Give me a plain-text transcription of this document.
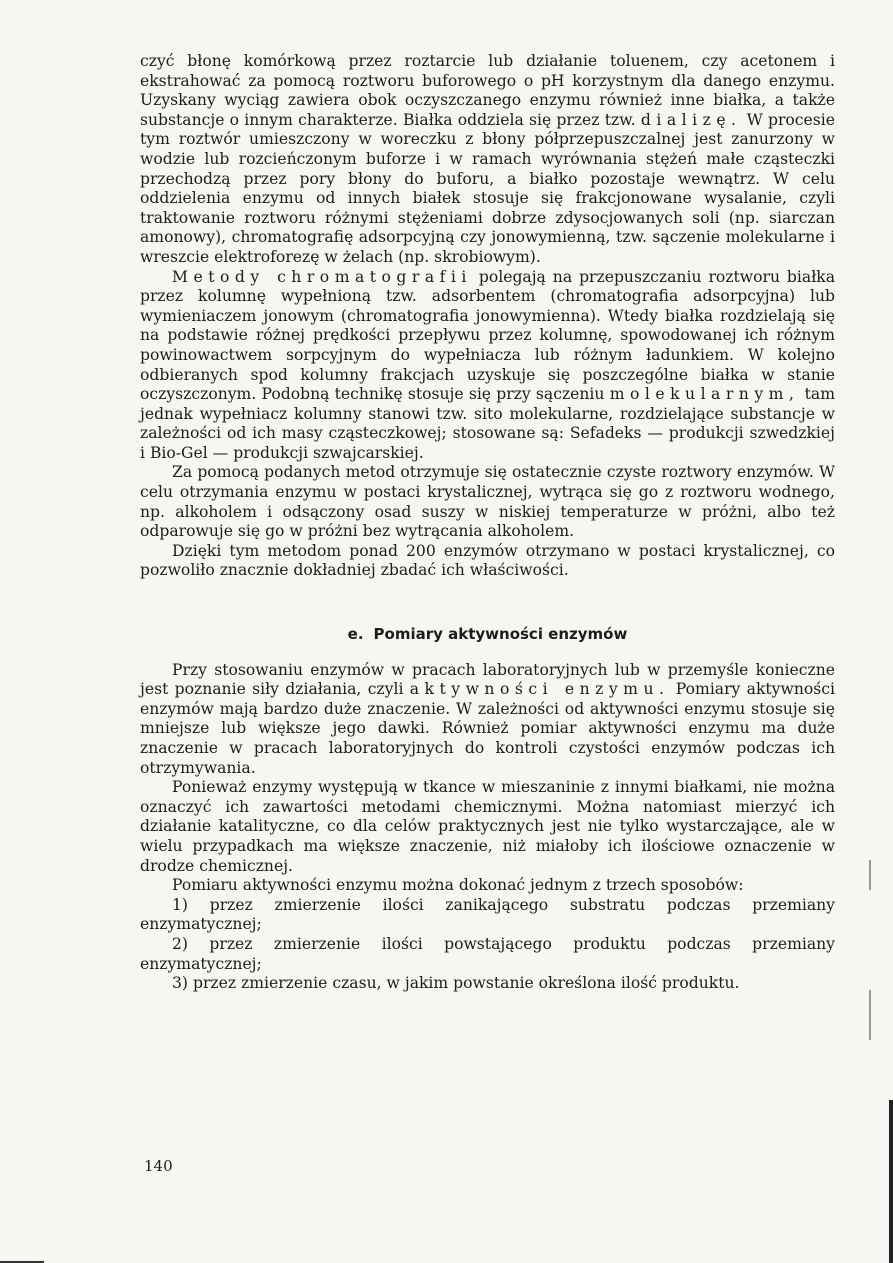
czyć błonę komórkową przez roztarcie lub działanie toluenem, czy acetonem i ekstrahować za pomocą roztworu buforowego o pH korzystnym dla danego enzymu. Uzyskany wyciąg zawiera obok oczyszczanego enzymu również inne białka, a także substancje o innym charakterze. Białka oddziela się przez tzw. dializę. W procesie tym roztwór umieszczony w woreczku z błony półprzepuszczalnej jest zanurzony w wodzie lub rozcieńczonym buforze i w ramach wyrównania stężeń małe cząsteczki przechodzą przez pory błony do buforu, a białko pozostaje wewnątrz. W celu oddzielenia enzymu od innych białek stosuje się frakcjonowane wysalanie, czyli traktowanie roztworu różnymi stężeniami dobrze zdysocjowanych soli (np. siarczan amonowy), chromatografię adsorpcyjną czy jonowymienną, tzw. sączenie molekularne i wreszcie elektroforezę w żelach (np. skrobiowym).

Metody chromatografii polegają na przepuszczaniu roztworu białka przez kolumnę wypełnioną tzw. adsorbentem (chromatografia adsorpcyjna) lub wymieniaczem jonowym (chromatografia jonowymienna). Wtedy białka rozdzielają się na podstawie różnej prędkości przepływu przez kolumnę, spowodowanej ich różnym powinowactwem sorpcyjnym do wypełniacza lub różnym ładunkiem. W kolejno odbieranych spod kolumny frakcjach uzyskuje się poszczególne białka w stanie oczyszczonym. Podobną technikę stosuje się przy sączeniu molekularnym, tam jednak wypełniacz kolumny stanowi tzw. sito molekularne, rozdzielające substancje w zależności od ich masy cząsteczkowej; stosowane są: Sefadeks — produkcji szwedzkiej i Bio-Gel — produkcji szwajcarskiej.

Za pomocą podanych metod otrzymuje się ostatecznie czyste roztwory enzymów. W celu otrzymania enzymu w postaci krystalicznej, wytrąca się go z roztworu wodnego, np. alkoholem i odsączony osad suszy w niskiej temperaturze w próżni, albo też odparowuje się go w próżni bez wytrącania alkoholem.

Dzięki tym metodom ponad 200 enzymów otrzymano w postaci krystalicznej, co pozwoliło znacznie dokładniej zbadać ich właściwości.

e. Pomiary aktywności enzymów

Przy stosowaniu enzymów w pracach laboratoryjnych lub w przemyśle konieczne jest poznanie siły działania, czyli aktywności enzymu. Pomiary aktywności enzymów mają bardzo duże znaczenie. W zależności od aktywności enzymu stosuje się mniejsze lub większe jego dawki. Również pomiar aktywności enzymu ma duże znaczenie w pracach laboratoryjnych do kontroli czystości enzymów podczas ich otrzymywania.

Ponieważ enzymy występują w tkance w mieszaninie z innymi białkami, nie można oznaczyć ich zawartości metodami chemicznymi. Można natomiast mierzyć ich działanie katalityczne, co dla celów praktycznych jest nie tylko wystarczające, ale w wielu przypadkach ma większe znaczenie, niż miałoby ich ilościowe oznaczenie w drodze chemicznej.

Pomiaru aktywności enzymu można dokonać jednym z trzech sposobów:

1) przez zmierzenie ilości zanikającego substratu podczas przemiany enzymatycznej;

2) przez zmierzenie ilości powstającego produktu podczas przemiany enzymatycznej;

3) przez zmierzenie czasu, w jakim powstanie określona ilość produktu.

140
